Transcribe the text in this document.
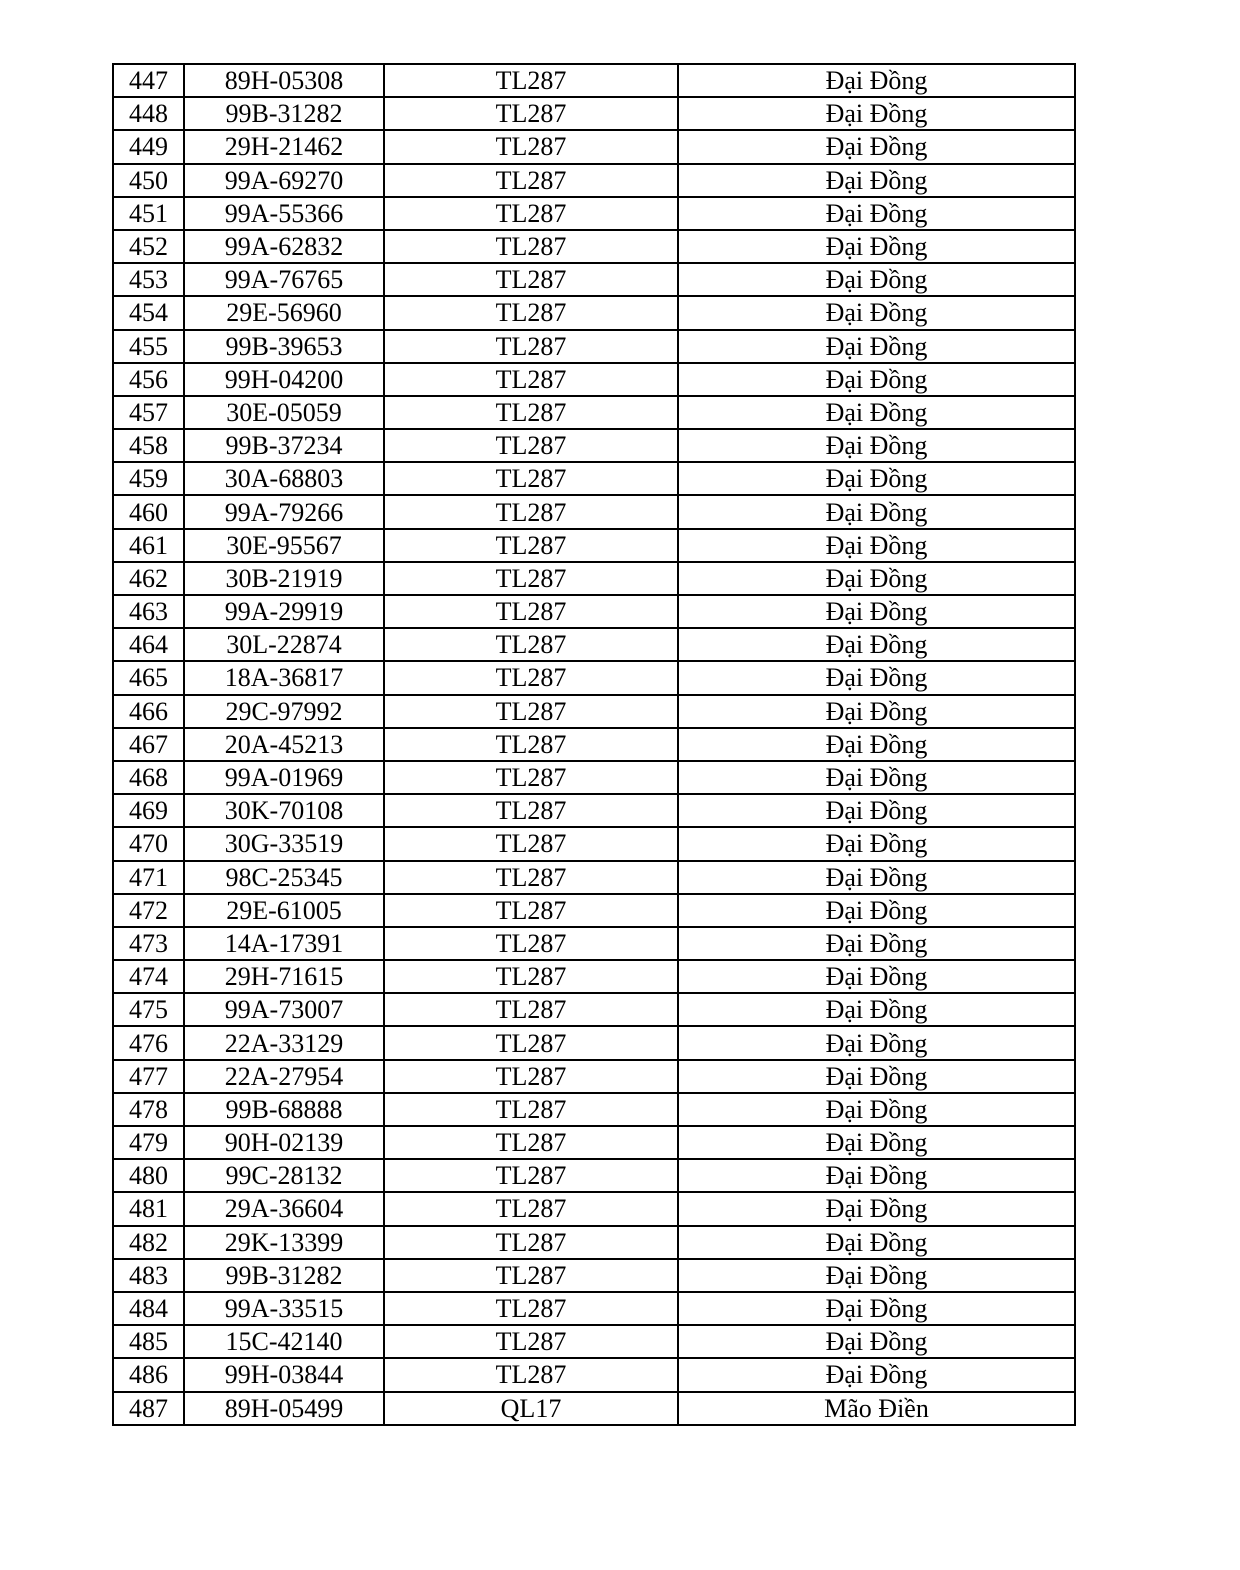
447	89H-05308	TL287	Đại Đồng
448	99B-31282	TL287	Đại Đồng
449	29H-21462	TL287	Đại Đồng
450	99A-69270	TL287	Đại Đồng
451	99A-55366	TL287	Đại Đồng
452	99A-62832	TL287	Đại Đồng
453	99A-76765	TL287	Đại Đồng
454	29E-56960	TL287	Đại Đồng
455	99B-39653	TL287	Đại Đồng
456	99H-04200	TL287	Đại Đồng
457	30E-05059	TL287	Đại Đồng
458	99B-37234	TL287	Đại Đồng
459	30A-68803	TL287	Đại Đồng
460	99A-79266	TL287	Đại Đồng
461	30E-95567	TL287	Đại Đồng
462	30B-21919	TL287	Đại Đồng
463	99A-29919	TL287	Đại Đồng
464	30L-22874	TL287	Đại Đồng
465	18A-36817	TL287	Đại Đồng
466	29C-97992	TL287	Đại Đồng
467	20A-45213	TL287	Đại Đồng
468	99A-01969	TL287	Đại Đồng
469	30K-70108	TL287	Đại Đồng
470	30G-33519	TL287	Đại Đồng
471	98C-25345	TL287	Đại Đồng
472	29E-61005	TL287	Đại Đồng
473	14A-17391	TL287	Đại Đồng
474	29H-71615	TL287	Đại Đồng
475	99A-73007	TL287	Đại Đồng
476	22A-33129	TL287	Đại Đồng
477	22A-27954	TL287	Đại Đồng
478	99B-68888	TL287	Đại Đồng
479	90H-02139	TL287	Đại Đồng
480	99C-28132	TL287	Đại Đồng
481	29A-36604	TL287	Đại Đồng
482	29K-13399	TL287	Đại Đồng
483	99B-31282	TL287	Đại Đồng
484	99A-33515	TL287	Đại Đồng
485	15C-42140	TL287	Đại Đồng
486	99H-03844	TL287	Đại Đồng
487	89H-05499	QL17	Mão Điền
